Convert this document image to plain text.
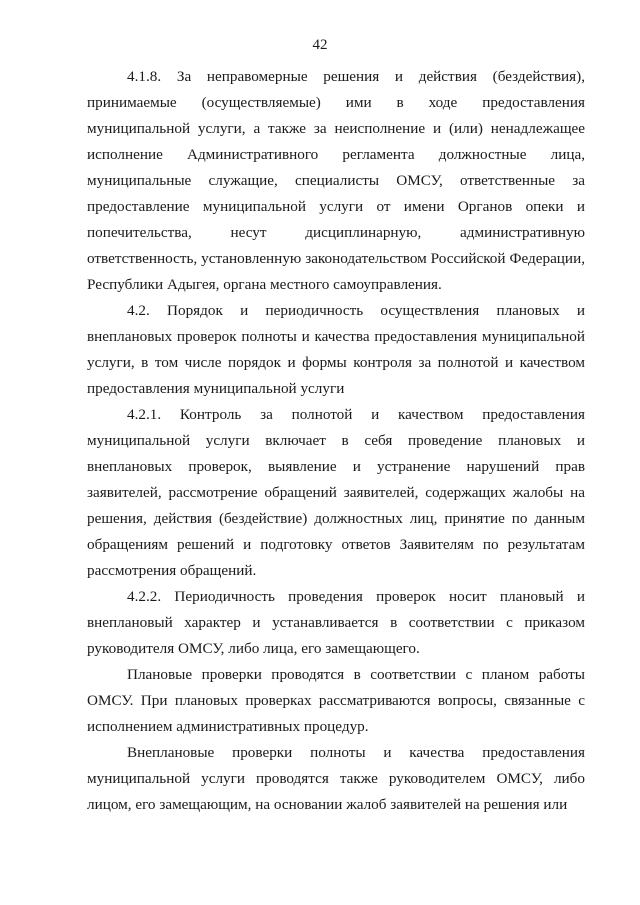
42

4.1.8. За неправомерные решения и действия (бездействия), принимаемые (осуществляемые) ими в ходе предоставления муниципальной услуги, а также за неисполнение и (или) ненадлежащее исполнение Административного регламента должностные лица, муниципальные служащие, специалисты ОМСУ, ответственные за предоставление муниципальной услуги от имени Органов опеки и попечительства, несут дисциплинарную, административную ответственность, установленную законодательством Российской Федерации, Республики Адыгея, органа местного самоуправления.

4.2. Порядок и периодичность осуществления плановых и внеплановых проверок полноты и качества предоставления муниципальной услуги, в том числе порядок и формы контроля за полнотой и качеством предоставления муниципальной услуги

4.2.1. Контроль за полнотой и качеством предоставления муниципальной услуги включает в себя проведение плановых и внеплановых проверок, выявление и устранение нарушений прав заявителей, рассмотрение обращений заявителей, содержащих жалобы на решения, действия (бездействие) должностных лиц, принятие по данным обращениям решений и подготовку ответов Заявителям по результатам рассмотрения обращений.

4.2.2. Периодичность проведения проверок носит плановый и внеплановый характер и устанавливается в соответствии с приказом руководителя ОМСУ, либо лица, его замещающего.

Плановые проверки проводятся в соответствии с планом работы ОМСУ. При плановых проверках рассматриваются вопросы, связанные с исполнением административных процедур.

Внеплановые проверки полноты и качества предоставления муниципальной услуги проводятся также руководителем ОМСУ, либо лицом, его замещающим, на основании жалоб заявителей на решения или
